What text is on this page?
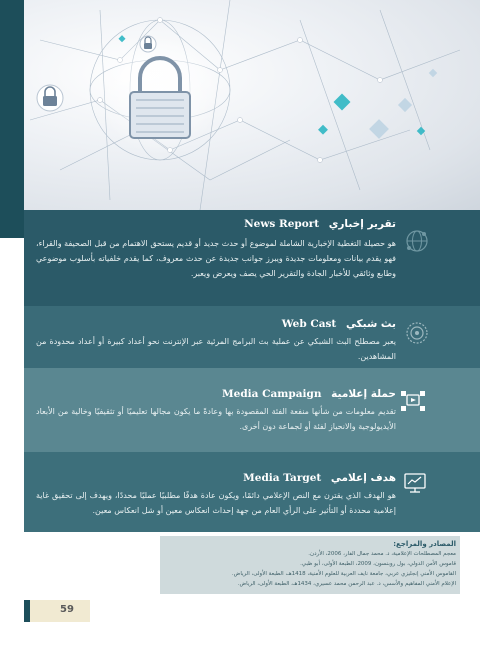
تقرير إخباري News Report
هو حصيلة التغطية الإخبارية الشاملة لموضوع أو حدث جديد أو قديم يستحق الاهتمام من قبل الصحيفة والقراء، فهو يقدم بيانات ومعلومات جديدة ويبرز جوانب جديدة عن حدث معروف، كما يقدم خلفياته بأسلوب موضوعي وطابع وثائقي للأخبار الجادة والتقرير الحي يصف ويعرض ويعبر.
بث شبكي Web Cast
يعبر مصطلح البث الشبكي عن عملية بث البرامج المرئية عبر الإنترنت نحو أعداد كبيرة أو أعداد محدودة من المشاهدين.
حملة إعلامية Media Campaign
تقديم معلومات من شأنها منفعة الفئة المقصودة بها وعادةً ما يكون مجالها تعليميًا أو تثقيفيًا وخالية من الأبعاد الأيديولوجية والانحياز لفئة أو لجماعة دون أخرى.
هدف إعلامي Media Target
هو الهدف الذي يقترن مع النص الإعلامي دائمًا، ويكون عادة هدفًا مطلبيًا عمليًا محددًا، ويهدف إلى تحقيق غاية إعلامية محددة أو التأثير على الرأي العام من جهة إحداث انعكاس معين أو شل انعكاس معين.
المصادر والمراجع:
معجم المصطلحات الإعلامية، د. محمد جمال الفار، 2006، الأردن.
قاموس الأمن الدولي، بول روبنسون، 2009، الطبعة الأولى، أبو ظبي.
القاموس الأمني إنجليزي عربي، جامعة نايف العربية للعلوم الأمنية، 1418هـ، الطبعة الأولى، الرياض.
الإعلام الأمني المفاهيم والأسس، د. عبد الرحمن محمد عسيري، 1434هـ، الطبعة الأولى، الرياض.
59
